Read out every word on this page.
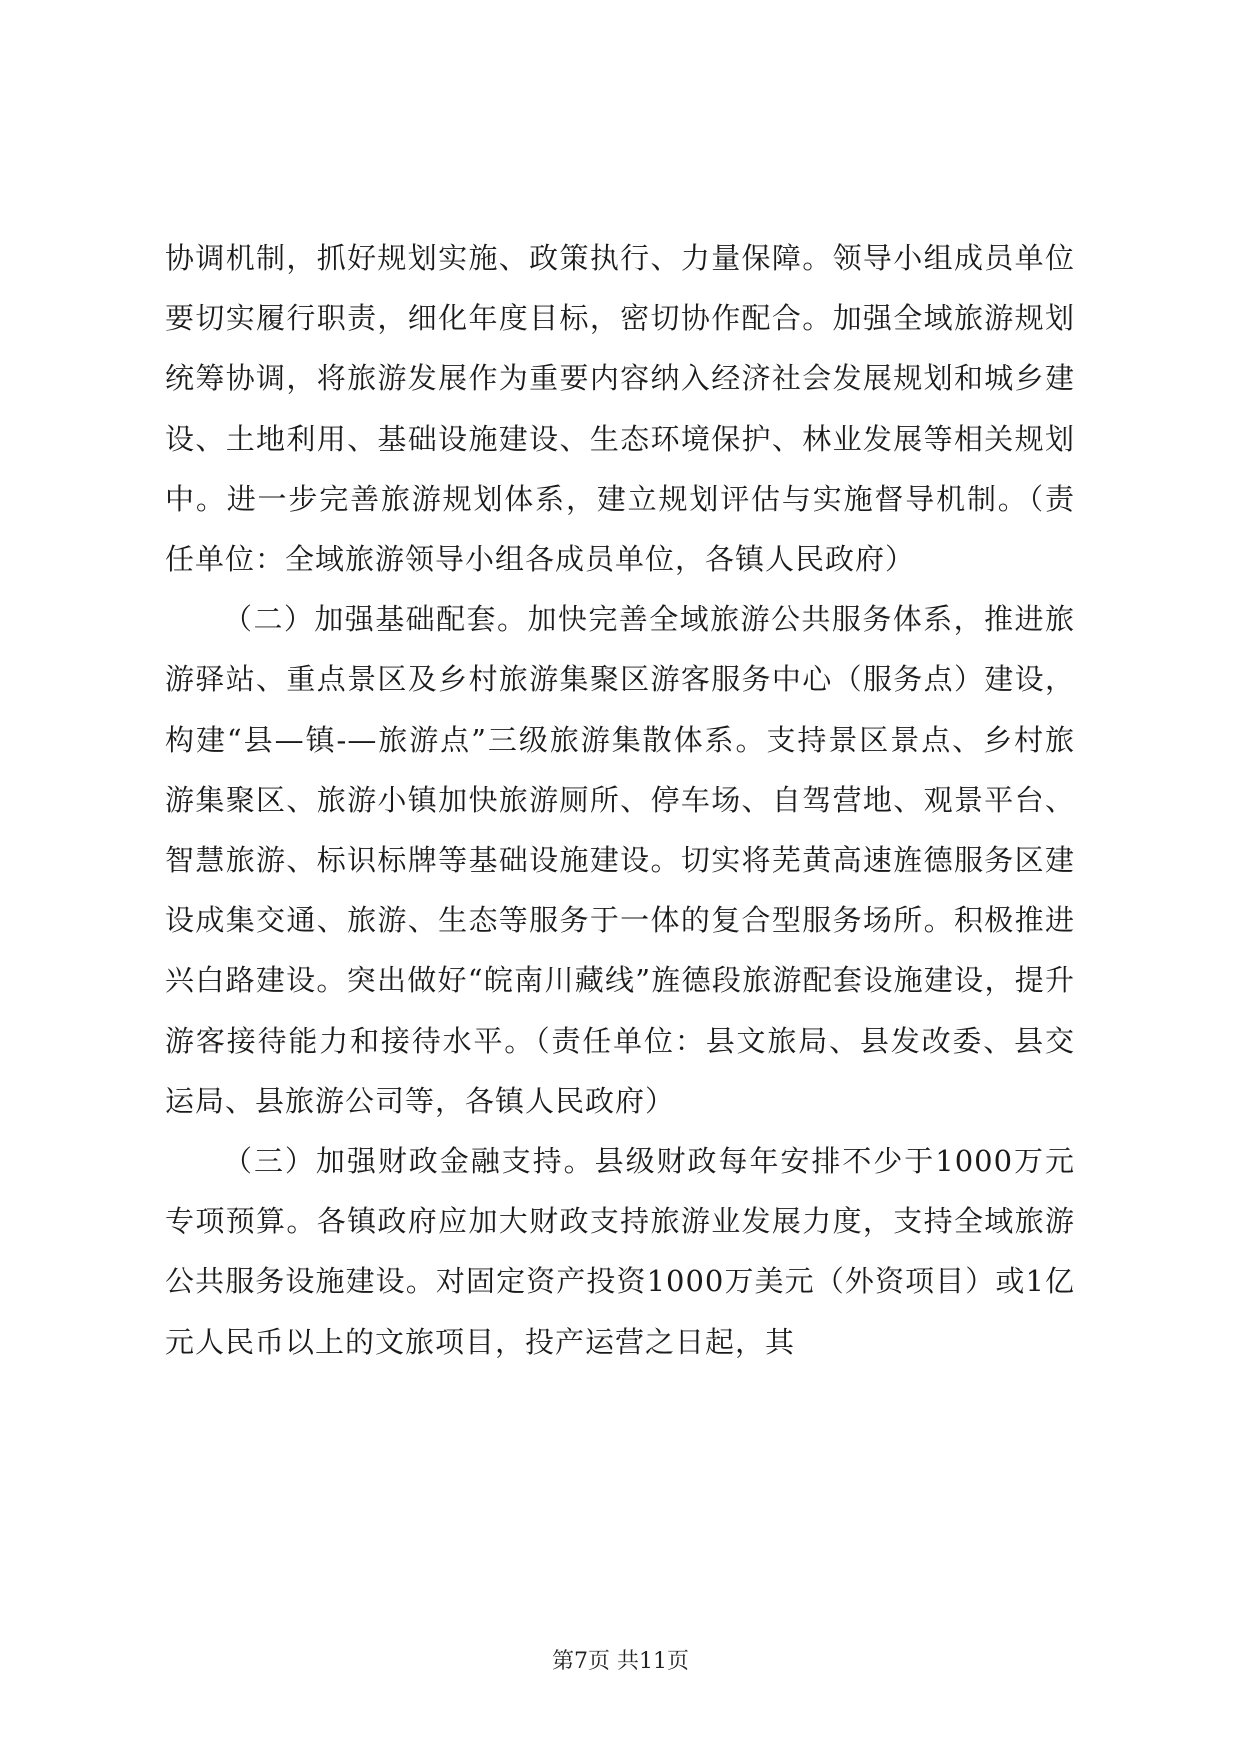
协调机制，抓好规划实施、政策执行、力量保障。领导小组成员单位要切实履行职责，细化年度目标，密切协作配合。加强全域旅游规划统筹协调，将旅游发展作为重要内容纳入经济社会发展规划和城乡建设、土地利用、基础设施建设、生态环境保护、林业发展等相关规划中。进一步完善旅游规划体系，建立规划评估与实施督导机制。（责任单位：全域旅游领导小组各成员单位，各镇人民政府）

（二）加强基础配套。加快完善全域旅游公共服务体系，推进旅游驿站、重点景区及乡村旅游集聚区游客服务中心（服务点）建设，构建“县—镇-—旅游点”三级旅游集散体系。支持景区景点、乡村旅游集聚区、旅游小镇加快旅游厕所、停车场、自驾营地、观景平台、智慧旅游、标识标牌等基础设施建设。切实将芜黄高速旌德服务区建设成集交通、旅游、生态等服务于一体的复合型服务场所。积极推进兴白路建设。突出做好“皖南川藏线”旌德段旅游配套设施建设，提升游客接待能力和接待水平。（责任单位：县文旅局、县发改委、县交运局、县旅游公司等，各镇人民政府）

（三）加强财政金融支持。县级财政每年安排不少于1000万元专项预算。各镇政府应加大财政支持旅游业发展力度，支持全域旅游公共服务设施建设。对固定资产投资1000万美元（外资项目）或1亿元人民币以上的文旅项目，投产运营之日起，其

第7页 共11页
